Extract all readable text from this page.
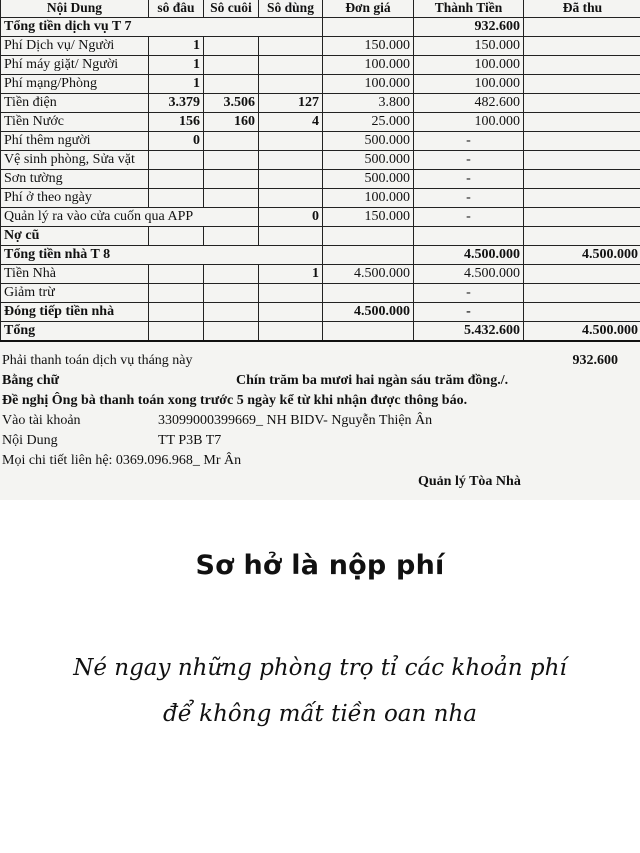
Nội Dung	sô đâu	Sô cuôi	Sô dùng	Đơn giá	Thành Tiền	Đã thu
Tổng tiền dịch vụ T 7					932.600	
Phí Dịch vụ/ Người	1			150.000	150.000	
Phí máy giặt/ Người	1			100.000	100.000	
Phí mạng/Phòng	1			100.000	100.000	
Tiền điện	3.379	3.506	127	3.800	482.600	
Tiền Nước	156	160	4	25.000	100.000	
Phí thêm người	0			500.000	-	
Vệ sinh phòng, Sửa vặt				500.000	-	
Sơn tường				500.000	-	
Phí ở theo ngày				100.000	-	
Quản lý ra vào cửa cuốn qua APP			0	150.000	-	
Nợ cũ						
Tổng tiền nhà T 8					4.500.000	4.500.000
Tiền Nhà			1	4.500.000	4.500.000	
Giảm trừ					-	
Đóng tiếp tiền nhà				4.500.000	-	
Tổng					5.432.600	4.500.000
Phải thanh toán dịch vụ tháng này	932.600
Bằng chữ	Chín trăm ba mươi hai ngàn sáu trăm đồng./.
Đề nghị Ông bà thanh toán xong trước 5 ngày kể từ khi nhận được thông báo.
Vào tài khoản	33099000399669_ NH BIDV- Nguyễn Thiện Ân
Nội Dung	TT P3B T7
Mọi chi tiết liên hệ: 0369.096.968_ Mr Ân
Quản lý Tòa Nhà
Sơ hở là nộp phí
Né ngay những phòng trọ tỉ các khoản phí
để không mất tiền oan nha
